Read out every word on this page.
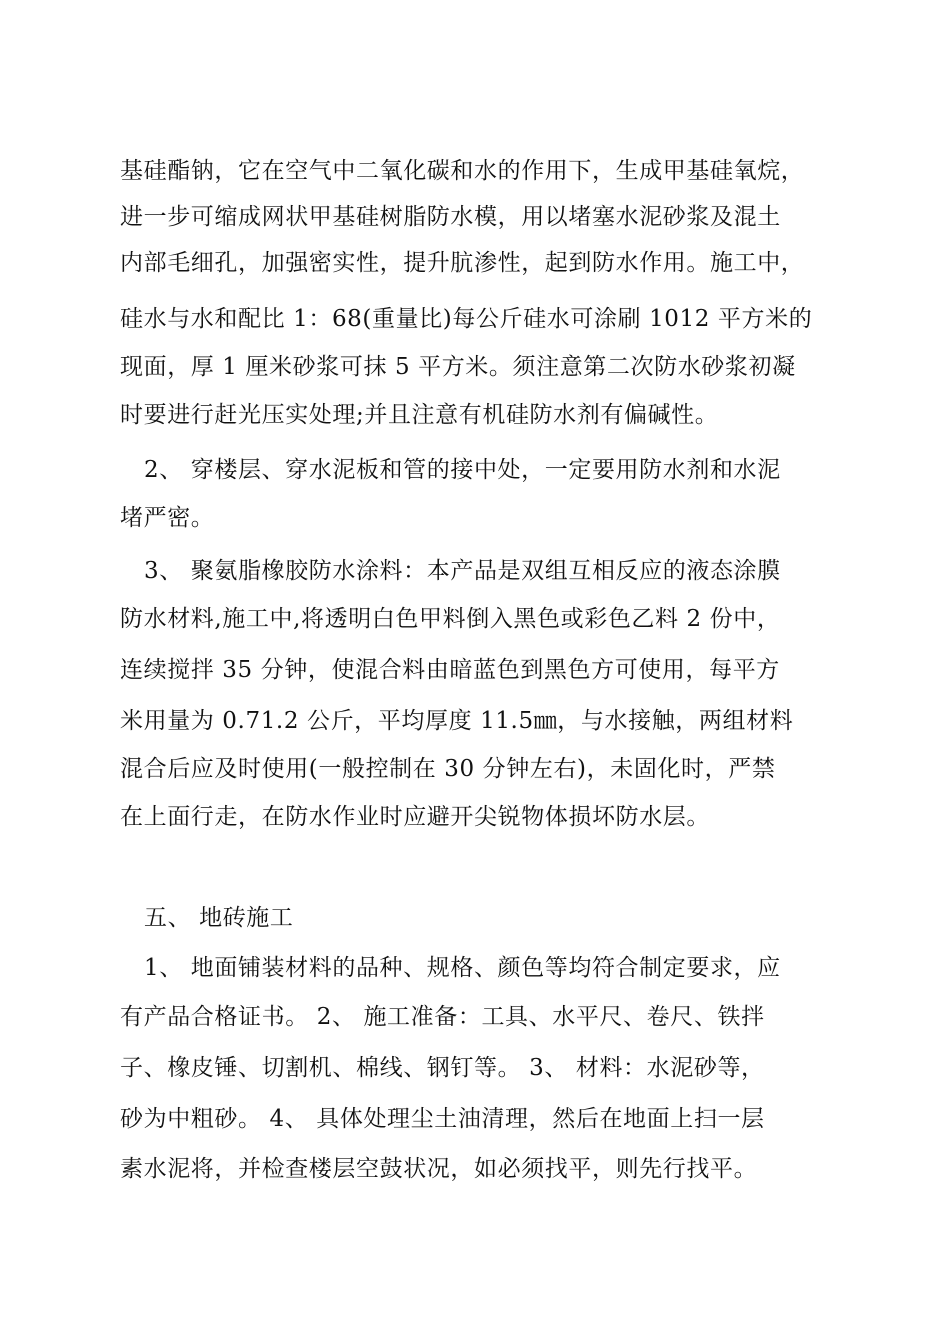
基硅酯钠，它在空气中二氧化碳和水的作用下，生成甲基硅氧烷，
进一步可缩成网状甲基硅树脂防水模，用以堵塞水泥砂浆及混土
内部毛细孔，加强密实性，提升肮渗性，起到防水作用。施工中，
硅水与水和配比 1：68(重量比)每公斤硅水可涂刷 1012 平方米的
现面，厚 1 厘米砂浆可抹 5 平方米。须注意第二次防水砂浆初凝
时要进行赶光压实处理;并且注意有机硅防水剂有偏碱性。
2、 穿楼层、穿水泥板和管的接中处，一定要用防水剂和水泥
堵严密。
3、 聚氨脂橡胶防水涂料：本产品是双组互相反应的液态涂膜
防水材料,施工中,将透明白色甲料倒入黑色或彩色乙料 2 份中，
连续搅拌 35 分钟，使混合料由暗蓝色到黑色方可使用，每平方
米用量为 0.71.2 公斤，平均厚度 11.5㎜，与水接触，两组材料
混合后应及时使用(一般控制在 30 分钟左右)，未固化时，严禁
在上面行走，在防水作业时应避开尖锐物体损坏防水层。
五、 地砖施工
1、 地面铺装材料的品种、规格、颜色等均符合制定要求，应
有产品合格证书。 2、 施工准备：工具、水平尺、卷尺、铁拌
子、橡皮锤、切割机、棉线、钢钉等。 3、 材料：水泥砂等，
砂为中粗砂。 4、 具体处理尘土油清理，然后在地面上扫一层
素水泥将，并检查楼层空鼓状况，如必须找平，则先行找平。
